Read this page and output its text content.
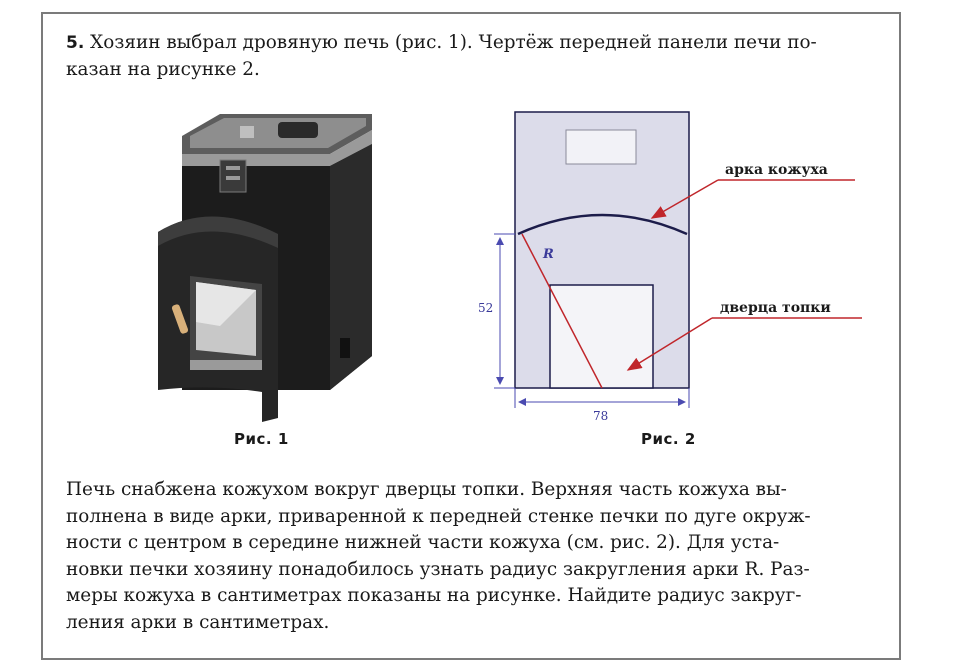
5. Хозяин выбрал дровяную печь (рис. 1). Чертёж передней панели печи по-
казан на рисунке 2.
R
52
78
арка кожуха
дверца топки
Рис. 1	Рис. 2
Печь снабжена кожухом вокруг дверцы топки. Верхняя часть кожуха вы-
полнена в виде арки, приваренной к передней стенке печки по дуге окруж-
ности с центром в середине нижней части кожуха (см. рис. 2). Для уста-
новки печки хозяину понадобилось узнать радиус закругления арки R. Раз-
меры кожуха в сантиметрах показаны на рисунке. Найдите радиус закруг-
ления арки в сантиметрах.
